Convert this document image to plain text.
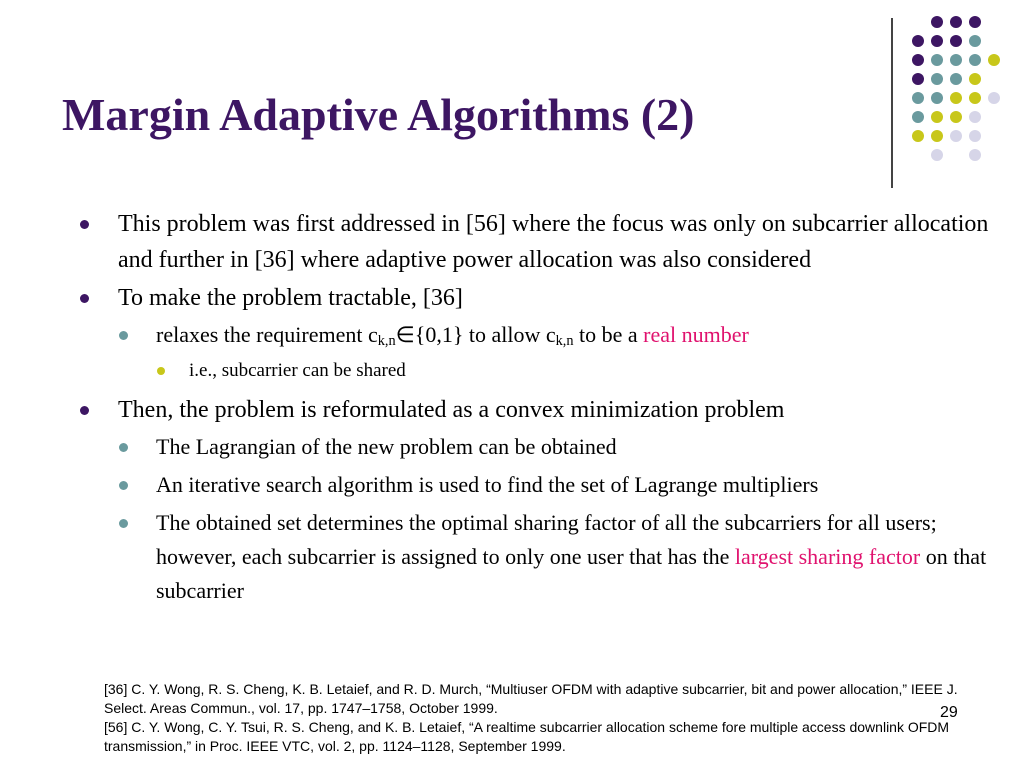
Margin Adaptive Algorithms (2)
This problem was first addressed in [56] where the focus was only on subcarrier allocation and further in [36] where adaptive power allocation was also considered
To make the problem tractable, [36]
relaxes the requirement $c_{k,n}\in\{0,1\}$ to allow $c_{k,n}$ to be a real number
i.e., subcarrier can be shared
Then, the problem is reformulated as a convex minimization problem
The Lagrangian of the new problem can be obtained
An iterative search algorithm is used to find the set of Lagrange multipliers
The obtained set determines the optimal sharing factor of all the subcarriers for all users; however, each subcarrier is assigned to only one user that has the largest sharing factor on that subcarrier
[36] C. Y. Wong, R. S. Cheng, K. B. Letaief, and R. D. Murch, “Multiuser OFDM with adaptive subcarrier, bit and power allocation,” IEEE J. Select. Areas Commun., vol. 17, pp. 1747–1758, October 1999.
[56] C. Y. Wong, C. Y. Tsui, R. S. Cheng, and K. B. Letaief, “A realtime subcarrier allocation scheme fore multiple access downlink OFDM transmission,” in Proc. IEEE VTC, vol. 2, pp. 1124–1128, September 1999.
29
